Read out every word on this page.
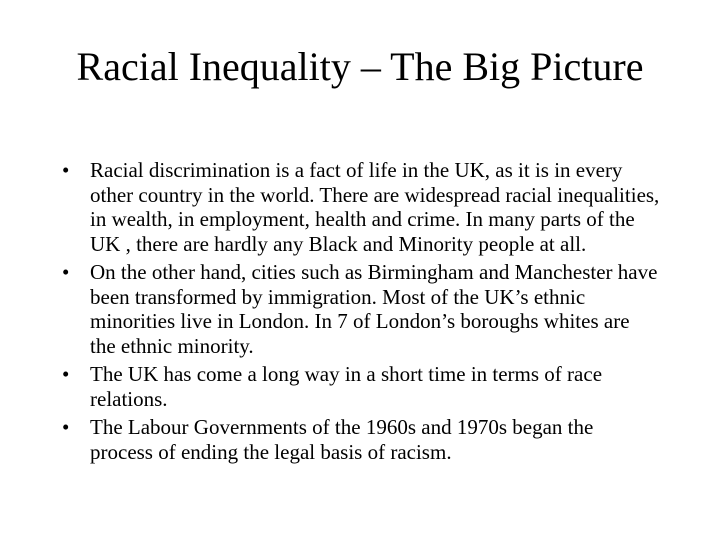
Racial Inequality – The Big Picture
• Racial discrimination is a fact of life in the UK, as it is in every other country in the world. There are widespread racial inequalities, in wealth, in employment, health and crime. In many parts of the UK , there are hardly any Black and Minority people at all.
• On the other hand, cities such as Birmingham and Manchester have been transformed by immigration. Most of the UK’s ethnic minorities live in London. In 7 of London’s boroughs whites are the ethnic minority.
• The UK has come a long way in a short time in terms of race relations.
• The Labour Governments of the 1960s and 1970s began the process of ending the legal basis of racism.
